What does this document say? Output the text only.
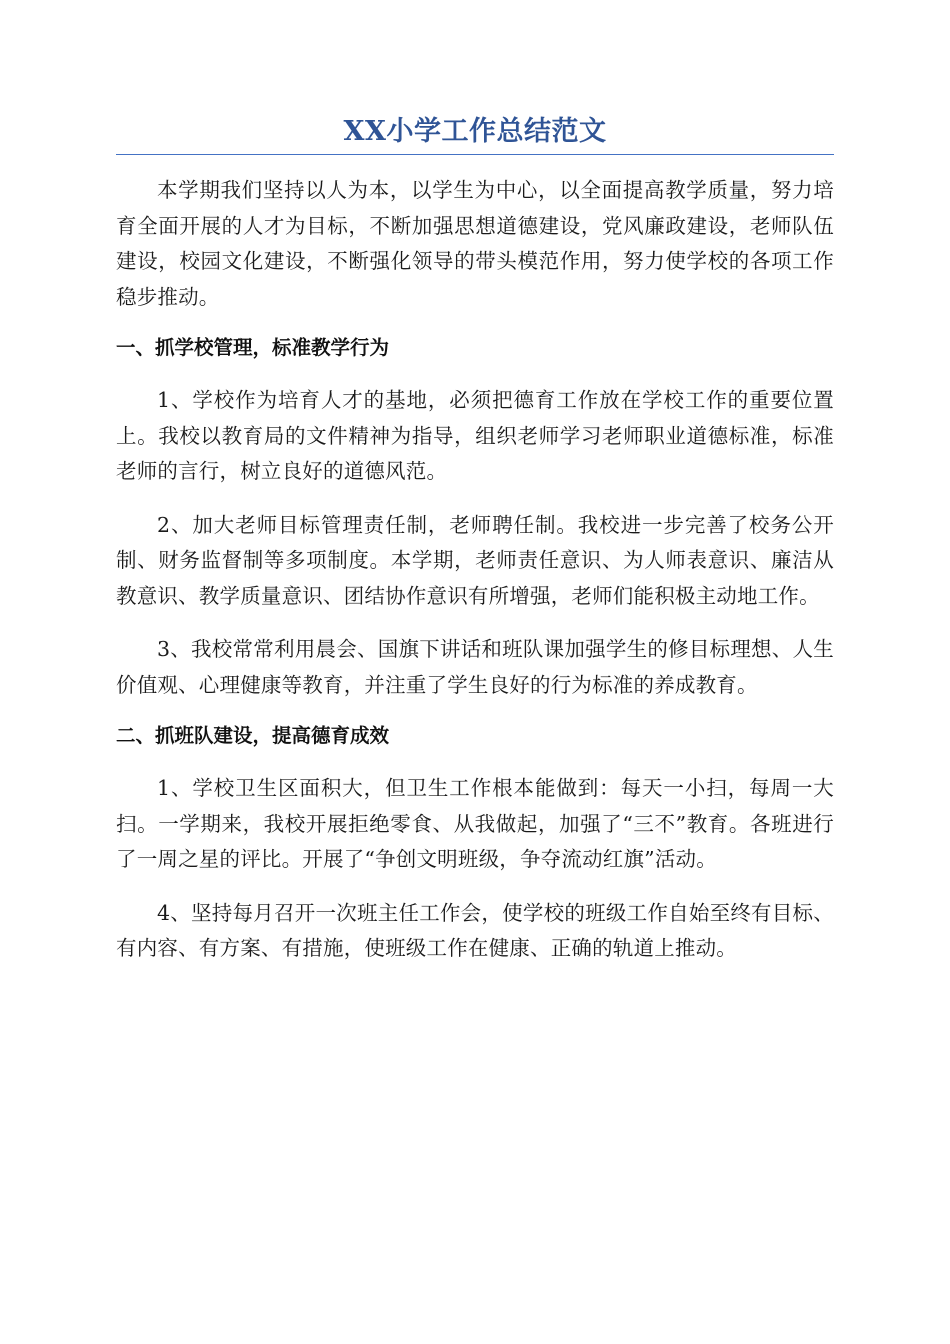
XX小学工作总结范文

本学期我们坚持以人为本，以学生为中心，以全面提高教学质量，努力培育全面开展的人才为目标，不断加强思想道德建设，党风廉政建设，老师队伍建设，校园文化建设，不断强化领导的带头模范作用，努力使学校的各项工作稳步推动。

一、抓学校管理，标准教学行为

1、学校作为培育人才的基地，必须把德育工作放在学校工作的重要位置上。我校以教育局的文件精神为指导，组织老师学习老师职业道德标准，标准老师的言行，树立良好的道德风范。

2、加大老师目标管理责任制，老师聘任制。我校进一步完善了校务公开制、财务监督制等多项制度。本学期，老师责任意识、为人师表意识、廉洁从教意识、教学质量意识、团结协作意识有所增强，老师们能积极主动地工作。

3、我校常常利用晨会、国旗下讲话和班队课加强学生的修目标理想、人生价值观、心理健康等教育，并注重了学生良好的行为标准的养成教育。

二、抓班队建设，提高德育成效

1、学校卫生区面积大，但卫生工作根本能做到：每天一小扫，每周一大扫。一学期来，我校开展拒绝零食、从我做起，加强了“三不”教育。各班进行了一周之星的评比。开展了“争创文明班级，争夺流动红旗”活动。

4、坚持每月召开一次班主任工作会，使学校的班级工作自始至终有目标、有内容、有方案、有措施，使班级工作在健康、正确的轨道上推动。
